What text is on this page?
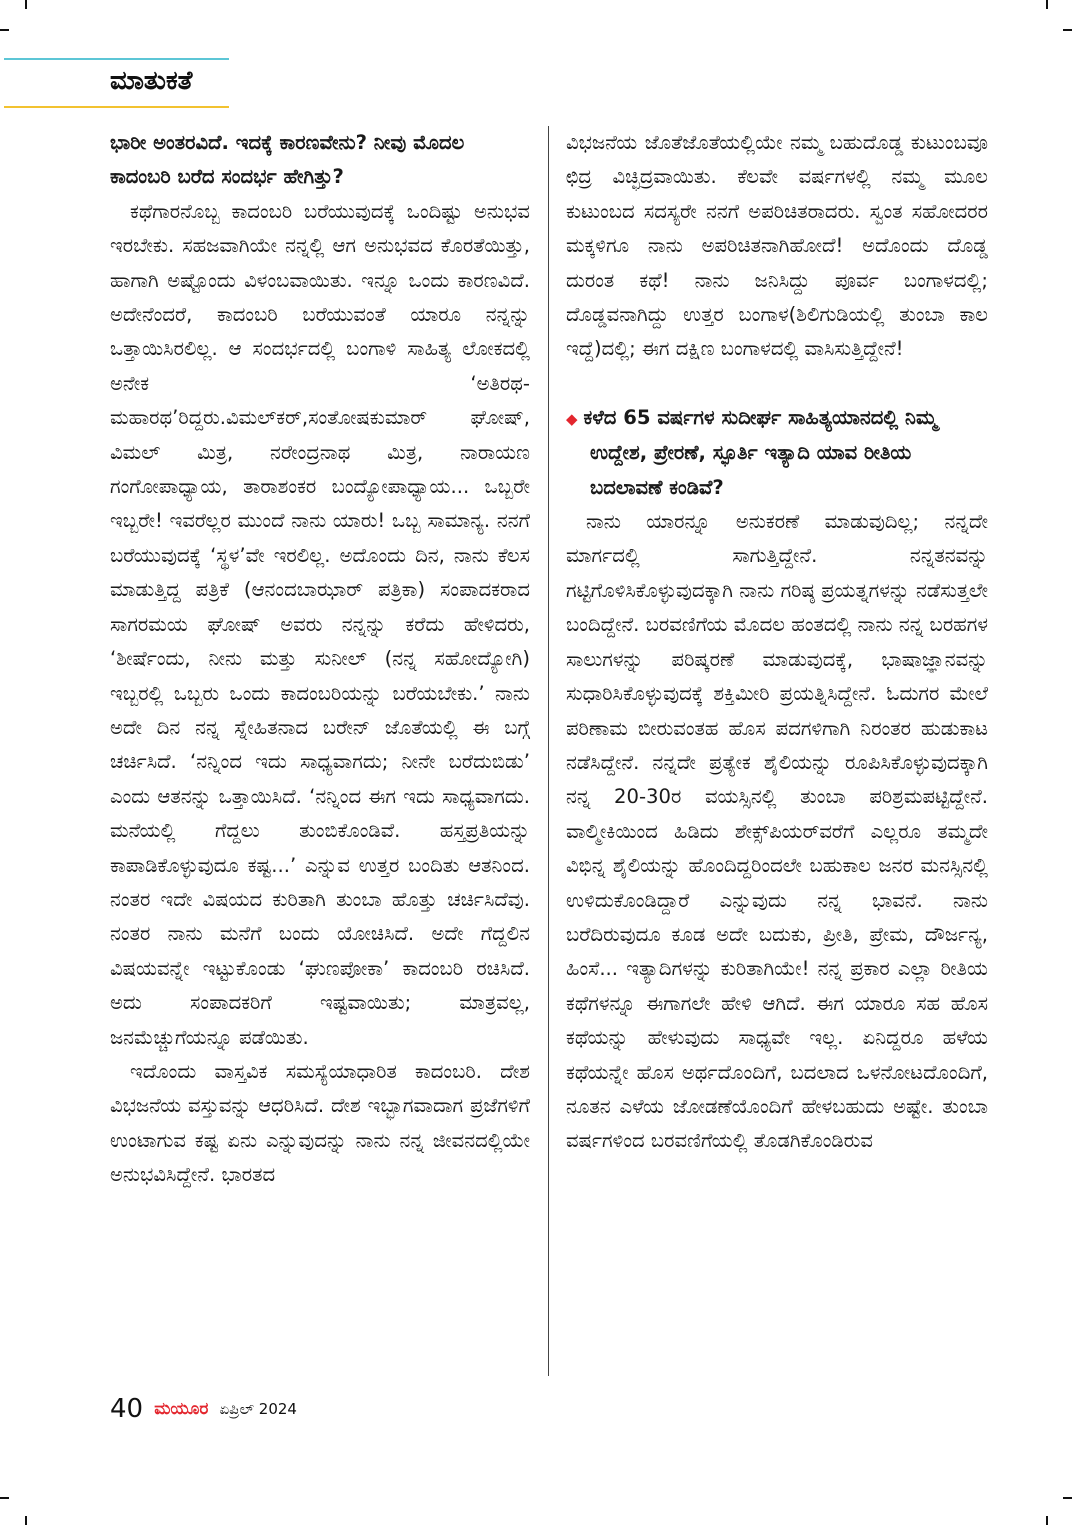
ಮಾತುಕತೆ

ಭಾರೀ ಅಂತರವಿದೆ. ಇದಕ್ಕೆ ಕಾರಣವೇನು? ನೀವು ಮೊದಲ ಕಾದಂಬರಿ ಬರೆದ ಸಂದರ್ಭ ಹೇಗಿತ್ತು?

ಕಥೆಗಾರನೊಬ್ಬ ಕಾದಂಬರಿ ಬರೆಯುವುದಕ್ಕೆ ಒಂದಿಷ್ಟು ಅನುಭವ ಇರಬೇಕು. ಸಹಜವಾಗಿಯೇ ನನ್ನಲ್ಲಿ ಆಗ ಅನುಭವದ ಕೊರತೆಯಿತ್ತು, ಹಾಗಾಗಿ ಅಷ್ಟೊಂದು ವಿಳಂಬವಾಯಿತು. ಇನ್ನೂ ಒಂದು ಕಾರಣವಿದೆ. ಅದೇನೆಂದರೆ, ಕಾದಂಬರಿ ಬರೆಯುವಂತೆ ಯಾರೂ ನನ್ನನ್ನು ಒತ್ತಾಯಿಸಿರಲಿಲ್ಲ. ಆ ಸಂದರ್ಭದಲ್ಲಿ ಬಂಗಾಳಿ ಸಾಹಿತ್ಯ ಲೋಕದಲ್ಲಿ ಅನೇಕ ‘ಅತಿರಥ-ಮಹಾರಥ’ರಿದ್ದರು.ವಿಮಲ್‌ಕರ್,ಸಂತೋಷಕುಮಾರ್ ಘೋಷ್, ವಿಮಲ್ ಮಿತ್ರ, ನರೇಂದ್ರನಾಥ ಮಿತ್ರ, ನಾರಾಯಣ ಗಂಗೋಪಾಧ್ಯಾಯ, ತಾರಾಶಂಕರ ಬಂದ್ಯೋಪಾಧ್ಯಾಯ... ಒಬ್ಬರೇ ಇಬ್ಬರೇ! ಇವರೆಲ್ಲರ ಮುಂದೆ ನಾನು ಯಾರು! ಒಬ್ಬ ಸಾಮಾನ್ಯ. ನನಗೆ ಬರೆಯುವುದಕ್ಕೆ ‘ಸ್ಥಳ’ವೇ ಇರಲಿಲ್ಲ. ಅದೊಂದು ದಿನ, ನಾನು ಕೆಲಸ ಮಾಡುತ್ತಿದ್ದ ಪತ್ರಿಕೆ (ಆನಂದಬಾಝಾರ್ ಪತ್ರಿಕಾ) ಸಂಪಾದಕರಾದ ಸಾಗರಮಯ ಘೋಷ್ ಅವರು ನನ್ನನ್ನು ಕರೆದು ಹೇಳಿದರು, ‘ಶೀರ್ಷೆಂದು, ನೀನು ಮತ್ತು ಸುನೀಲ್ (ನನ್ನ ಸಹೋದ್ಯೋಗಿ) ಇಬ್ಬರಲ್ಲಿ ಒಬ್ಬರು ಒಂದು ಕಾದಂಬರಿಯನ್ನು ಬರೆಯಬೇಕು.’ ನಾನು ಅದೇ ದಿನ ನನ್ನ ಸ್ನೇಹಿತನಾದ ಬರೇನ್ ಜೊತೆಯಲ್ಲಿ ಈ ಬಗ್ಗೆ ಚರ್ಚಿಸಿದೆ. ‘ನನ್ನಿಂದ ಇದು ಸಾಧ್ಯವಾಗದು; ನೀನೇ ಬರೆದುಬಿಡು’ ಎಂದು ಆತನನ್ನು ಒತ್ತಾಯಿಸಿದೆ. ‘ನನ್ನಿಂದ ಈಗ ಇದು ಸಾಧ್ಯವಾಗದು. ಮನೆಯಲ್ಲಿ ಗೆದ್ದಲು ತುಂಬಿಕೊಂಡಿವೆ. ಹಸ್ತಪ್ರತಿಯನ್ನು ಕಾಪಾಡಿಕೊಳ್ಳುವುದೂ ಕಷ್ಟ...’ ಎನ್ನುವ ಉತ್ತರ ಬಂದಿತು ಆತನಿಂದ. ನಂತರ ಇದೇ ವಿಷಯದ ಕುರಿತಾಗಿ ತುಂಬಾ ಹೊತ್ತು ಚರ್ಚಿಸಿದೆವು. ನಂತರ ನಾನು ಮನೆಗೆ ಬಂದು ಯೋಚಿಸಿದೆ. ಅದೇ ಗೆದ್ದಲಿನ ವಿಷಯವನ್ನೇ ಇಟ್ಟುಕೊಂಡು ‘ಘುಣಪೋಕಾ’ ಕಾದಂಬರಿ ರಚಿಸಿದೆ. ಅದು ಸಂಪಾದಕರಿಗೆ ಇಷ್ಟವಾಯಿತು; ಮಾತ್ರವಲ್ಲ, ಜನಮೆಚ್ಚುಗೆಯನ್ನೂ ಪಡೆಯಿತು.

ಇದೊಂದು ವಾಸ್ತವಿಕ ಸಮಸ್ಯೆಯಾಧಾರಿತ ಕಾದಂಬರಿ. ದೇಶ ವಿಭಜನೆಯ ವಸ್ತುವನ್ನು ಆಧರಿಸಿದೆ. ದೇಶ ಇಬ್ಭಾಗವಾದಾಗ ಪ್ರಜೆಗಳಿಗೆ ಉಂಟಾಗುವ ಕಷ್ಟ ಏನು ಎನ್ನುವುದನ್ನು ನಾನು ನನ್ನ ಜೀವನದಲ್ಲಿಯೇ ಅನುಭವಿಸಿದ್ದೇನೆ. ಭಾರತದ

ವಿಭಜನೆಯ ಜೊತೆಜೊತೆಯಲ್ಲಿಯೇ ನಮ್ಮ ಬಹುದೊಡ್ಡ ಕುಟುಂಬವೂ ಛಿದ್ರ ವಿಚ್ಛಿದ್ರವಾಯಿತು. ಕೆಲವೇ ವರ್ಷಗಳಲ್ಲಿ ನಮ್ಮ ಮೂಲ ಕುಟುಂಬದ ಸದಸ್ಯರೇ ನನಗೆ ಅಪರಿಚಿತರಾದರು. ಸ್ವಂತ ಸಹೋದರರ ಮಕ್ಕಳಿಗೂ ನಾನು ಅಪರಿಚಿತನಾಗಿಹೋದೆ! ಅದೊಂದು ದೊಡ್ಡ ದುರಂತ ಕಥೆ! ನಾನು ಜನಿಸಿದ್ದು ಪೂರ್ವ ಬಂಗಾಳದಲ್ಲಿ; ದೊಡ್ಡವನಾಗಿದ್ದು ಉತ್ತರ ಬಂಗಾಳ(ಶಿಲಿಗುಡಿಯಲ್ಲಿ ತುಂಬಾ ಕಾಲ ಇದ್ದೆ)ದಲ್ಲಿ; ಈಗ ದಕ್ಷಿಣ ಬಂಗಾಳದಲ್ಲಿ ವಾಸಿಸುತ್ತಿದ್ದೇನೆ!

◆ ಕಳೆದ 65 ವರ್ಷಗಳ ಸುದೀರ್ಘ ಸಾಹಿತ್ಯಯಾನದಲ್ಲಿ ನಿಮ್ಮ ಉದ್ದೇಶ, ಪ್ರೇರಣೆ, ಸ್ಫೂರ್ತಿ ಇತ್ಯಾದಿ ಯಾವ ರೀತಿಯ ಬದಲಾವಣೆ ಕಂಡಿವೆ?

ನಾನು ಯಾರನ್ನೂ ಅನುಕರಣೆ ಮಾಡುವುದಿಲ್ಲ; ನನ್ನದೇ ಮಾರ್ಗದಲ್ಲಿ ಸಾಗುತ್ತಿದ್ದೇನೆ. ನನ್ನತನವನ್ನು ಗಟ್ಟಿಗೊಳಿಸಿಕೊಳ್ಳುವುದಕ್ಕಾಗಿ ನಾನು ಗರಿಷ್ಠ ಪ್ರಯತ್ನಗಳನ್ನು ನಡೆಸುತ್ತಲೇ ಬಂದಿದ್ದೇನೆ. ಬರವಣಿಗೆಯ ಮೊದಲ ಹಂತದಲ್ಲಿ ನಾನು ನನ್ನ ಬರಹಗಳ ಸಾಲುಗಳನ್ನು ಪರಿಷ್ಕರಣೆ ಮಾಡುವುದಕ್ಕೆ, ಭಾಷಾಜ್ಞಾನವನ್ನು ಸುಧಾರಿಸಿಕೊಳ್ಳುವುದಕ್ಕೆ ಶಕ್ತಿಮೀರಿ ಪ್ರಯತ್ನಿಸಿದ್ದೇನೆ. ಓದುಗರ ಮೇಲೆ ಪರಿಣಾಮ ಬೀರುವಂತಹ ಹೊಸ ಪದಗಳಿಗಾಗಿ ನಿರಂತರ ಹುಡುಕಾಟ ನಡೆಸಿದ್ದೇನೆ. ನನ್ನದೇ ಪ್ರತ್ಯೇಕ ಶೈಲಿಯನ್ನು ರೂಪಿಸಿಕೊಳ್ಳುವುದಕ್ಕಾಗಿ ನನ್ನ 20-30ರ ವಯಸ್ಸಿನಲ್ಲಿ ತುಂಬಾ ಪರಿಶ್ರಮಪಟ್ಟಿದ್ದೇನೆ. ವಾಲ್ಮೀಕಿಯಿಂದ ಹಿಡಿದು ಶೇಕ್ಸ್‌ಪಿಯರ್‌ವರೆಗೆ ಎಲ್ಲರೂ ತಮ್ಮದೇ ವಿಭಿನ್ನ ಶೈಲಿಯನ್ನು ಹೊಂದಿದ್ದರಿಂದಲೇ ಬಹುಕಾಲ ಜನರ ಮನಸ್ಸಿನಲ್ಲಿ ಉಳಿದುಕೊಂಡಿದ್ದಾರೆ ಎನ್ನುವುದು ನನ್ನ ಭಾವನೆ. ನಾನು ಬರೆದಿರುವುದೂ ಕೂಡ ಅದೇ ಬದುಕು, ಪ್ರೀತಿ, ಪ್ರೇಮ, ದೌರ್ಜನ್ಯ, ಹಿಂಸೆ... ಇತ್ಯಾದಿಗಳನ್ನು ಕುರಿತಾಗಿಯೇ! ನನ್ನ ಪ್ರಕಾರ ಎಲ್ಲಾ ರೀತಿಯ ಕಥೆಗಳನ್ನೂ ಈಗಾಗಲೇ ಹೇಳಿ ಆಗಿದೆ. ಈಗ ಯಾರೂ ಸಹ ಹೊಸ ಕಥೆಯನ್ನು ಹೇಳುವುದು ಸಾಧ್ಯವೇ ಇಲ್ಲ. ಏನಿದ್ದರೂ ಹಳೆಯ ಕಥೆಯನ್ನೇ ಹೊಸ ಅರ್ಥದೊಂದಿಗೆ, ಬದಲಾದ ಒಳನೋಟದೊಂದಿಗೆ, ನೂತನ ಎಳೆಯ ಜೋಡಣೆಯೊಂದಿಗೆ ಹೇಳಬಹುದು ಅಷ್ಟೇ. ತುಂಬಾ ವರ್ಷಗಳಿಂದ ಬರವಣಿಗೆಯಲ್ಲಿ ತೊಡಗಿಕೊಂಡಿರುವ

40 ಮಯೂರ ಏಪ್ರಿಲ್ 2024
